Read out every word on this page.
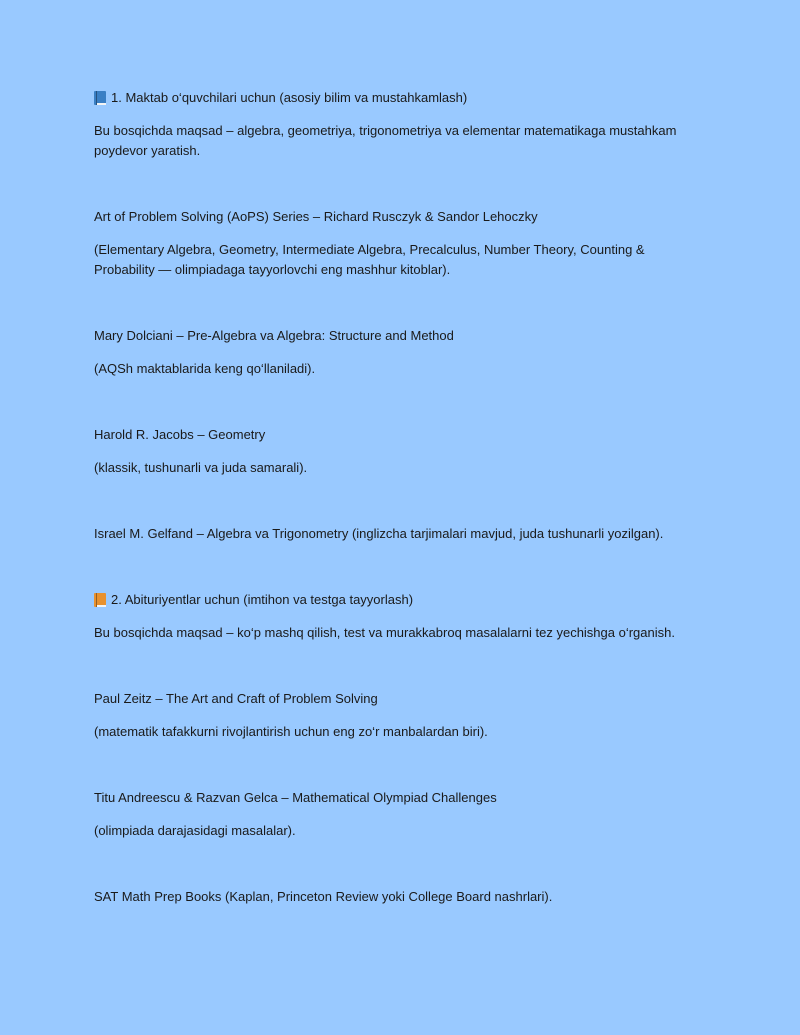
1. Maktab o‘quvchilari uchun (asosiy bilim va mustahkamlash)

Bu bosqichda maqsad – algebra, geometriya, trigonometriya va elementar matematikaga mustahkam poydevor yaratish.

Art of Problem Solving (AoPS) Series – Richard Rusczyk & Sandor Lehoczky

(Elementary Algebra, Geometry, Intermediate Algebra, Precalculus, Number Theory, Counting & Probability — olimpiadaga tayyorlovchi eng mashhur kitoblar).

Mary Dolciani – Pre-Algebra va Algebra: Structure and Method

(AQSh maktablarida keng qo‘llaniladi).

Harold R. Jacobs – Geometry

(klassik, tushunarli va juda samarali).

Israel M. Gelfand – Algebra va Trigonometry (inglizcha tarjimalari mavjud, juda tushunarli yozilgan).

2. Abituriyentlar uchun (imtihon va testga tayyorlash)

Bu bosqichda maqsad – ko‘p mashq qilish, test va murakkabroq masalalarni tez yechishga o‘rganish.

Paul Zeitz – The Art and Craft of Problem Solving

(matematik tafakkurni rivojlantirish uchun eng zo‘r manbalardan biri).

Titu Andreescu & Razvan Gelca – Mathematical Olympiad Challenges

(olimpiada darajasidagi masalalar).

SAT Math Prep Books (Kaplan, Princeton Review yoki College Board nashrlari).
